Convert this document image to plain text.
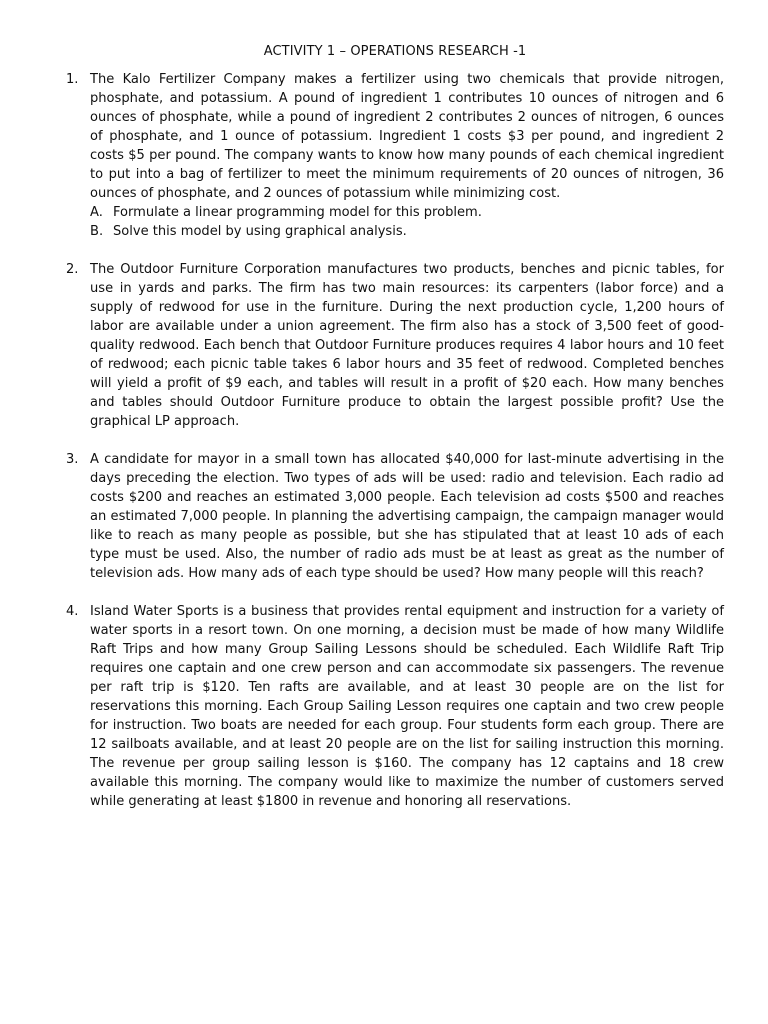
ACTIVITY 1 – OPERATIONS RESEARCH -1
1. The Kalo Fertilizer Company makes a fertilizer using two chemicals that provide nitrogen, phosphate, and potassium. A pound of ingredient 1 contributes 10 ounces of nitrogen and 6 ounces of phosphate, while a pound of ingredient 2 contributes 2 ounces of nitrogen, 6 ounces of phosphate, and 1 ounce of potassium. Ingredient 1 costs $3 per pound, and ingredient 2 costs $5 per pound. The company wants to know how many pounds of each chemical ingredient to put into a bag of fertilizer to meet the minimum requirements of 20 ounces of nitrogen, 36 ounces of phosphate, and 2 ounces of potassium while minimizing cost.

A. Formulate a linear programming model for this problem.
B. Solve this model by using graphical analysis.
2. The Outdoor Furniture Corporation manufactures two products, benches and picnic tables, for use in yards and parks. The firm has two main resources: its carpenters (labor force) and a supply of redwood for use in the furniture. During the next production cycle, 1,200 hours of labor are available under a union agreement. The firm also has a stock of 3,500 feet of good-quality redwood. Each bench that Outdoor Furniture produces requires 4 labor hours and 10 feet of redwood; each picnic table takes 6 labor hours and 35 feet of redwood. Completed benches will yield a profit of $9 each, and tables will result in a profit of $20 each. How many benches and tables should Outdoor Furniture produce to obtain the largest possible profit? Use the graphical LP approach.

3. A candidate for mayor in a small town has allocated $40,000 for last-minute advertising in the days preceding the election. Two types of ads will be used: radio and television. Each radio ad costs $200 and reaches an estimated 3,000 people. Each television ad costs $500 and reaches an estimated 7,000 people. In planning the advertising campaign, the campaign manager would like to reach as many people as possible, but she has stipulated that at least 10 ads of each type must be used. Also, the number of radio ads must be at least as great as the number of television ads. How many ads of each type should be used? How many people will this reach?

4. Island Water Sports is a business that provides rental equipment and instruction for a variety of water sports in a resort town. On one morning, a decision must be made of how many Wildlife Raft Trips and how many Group Sailing Lessons should be scheduled. Each Wildlife Raft Trip requires one captain and one crew person and can accommodate six passengers. The revenue per raft trip is $120. Ten rafts are available, and at least 30 people are on the list for reservations this morning. Each Group Sailing Lesson requires one captain and two crew people for instruction. Two boats are needed for each group. Four students form each group. There are 12 sailboats available, and at least 20 people are on the list for sailing instruction this morning. The revenue per group sailing lesson is $160. The company has 12 captains and 18 crew available this morning. The company would like to maximize the number of customers served while generating at least $1800 in revenue and honoring all reservations.
